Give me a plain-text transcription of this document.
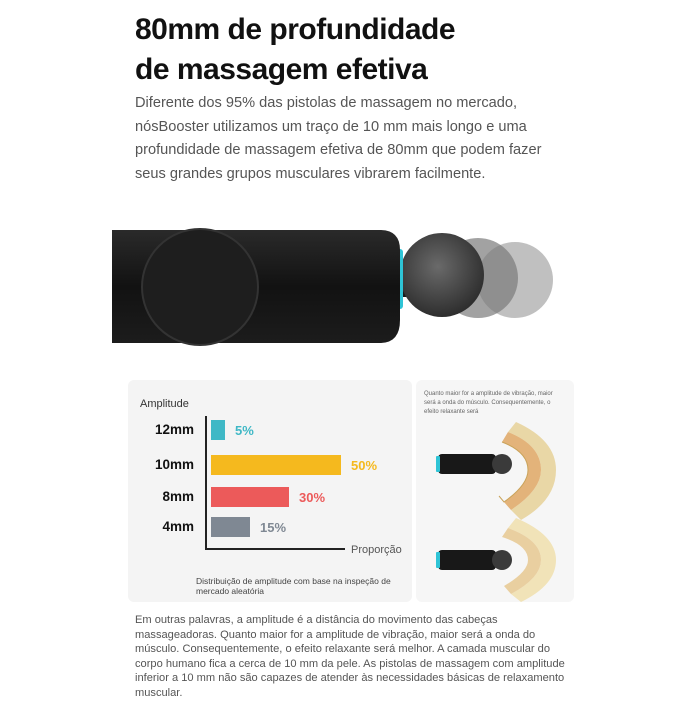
80mm de profundidade
de massagem efetiva
Diferente dos 95% das pistolas de massagem no mercado, nósBooster utilizamos um traço de 10 mm mais longo e uma profundidade de massagem efetiva de 80mm que podem fazer seus grandes grupos musculares vibrarem facilmente.
Amplitude
Proporção
12mm	5%
10mm	50%
8mm	30%
4mm	15%
Distribuição de amplitude com base na inspeção de mercado aleatória
Quanto maior for a amplitude de vibração, maior será a onda do músculo. Consequentemente, o efeito relaxante será
Em outras palavras, a amplitude é a distância do movimento das cabeças massageadoras. Quanto maior for a amplitude de vibração, maior será a onda do músculo. Consequentemente, o efeito relaxante será melhor. A camada muscular do corpo humano fica a cerca de 10 mm da pele. As pistolas de massagem com amplitude inferior a 10 mm não são capazes de atender às necessidades básicas de relaxamento muscular.
